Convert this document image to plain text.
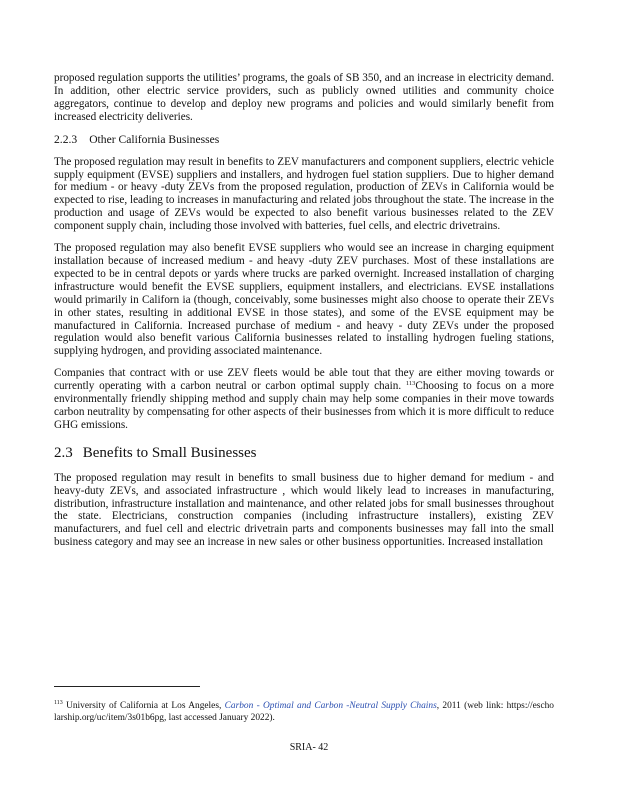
proposed regulation supports the utilities’ programs, the goals of SB 350, and an increase in electricity demand. In addition, other electric service providers, such as publicly owned utilities and community choice aggregators, continue to develop and deploy new programs and policies and would similarly benefit from increased electricity deliveries.

2.2.3 Other California Businesses

The proposed regulation may result in benefits to ZEV manufacturers and component suppliers, electric vehicle supply equipment (EVSE) suppliers and installers, and hydrogen fuel station suppliers. Due to higher demand for medium - or heavy -duty ZEVs from the proposed regulation, production of ZEVs in California would be expected to rise, leading to increases in manufacturing and related jobs throughout the state. The increase in the production and usage of ZEVs would be expected to also benefit various businesses related to the ZEV component supply chain, including those involved with batteries, fuel cells, and electric drivetrains.

The proposed regulation may also benefit EVSE suppliers who would see an increase in charging equipment installation because of increased medium - and heavy -duty ZEV purchases. Most of these installations are expected to be in central depots or yards where trucks are parked overnight. Increased installation of charging infrastructure would benefit the EVSE suppliers, equipment installers, and electricians. EVSE installations would primarily in Californ ia (though, conceivably, some businesses might also choose to operate their ZEVs in other states, resulting in additional EVSE in those states), and some of the EVSE equipment may be manufactured in California. Increased purchase of medium - and heavy - duty ZEVs under the proposed regulation would also benefit various California businesses related to installing hydrogen fueling stations, supplying hydrogen, and providing associated maintenance.

Companies that contract with or use ZEV fleets would be able tout that they are either moving towards or currently operating with a carbon neutral or carbon optimal supply chain. $^{113}$Choosing to focus on a more environmentally friendly shipping method and supply chain may help some companies in their move towards carbon neutrality by compensating for other aspects of their businesses from which it is more difficult to reduce GHG emissions.

2.3 Benefits to Small Businesses

The proposed regulation may result in benefits to small business due to higher demand for medium - and heavy-duty ZEVs, and associated infrastructure , which would likely lead to increases in manufacturing, distribution, infrastructure installation and maintenance, and other related jobs for small businesses throughout the state. Electricians, construction companies (including infrastructure installers), existing ZEV manufacturers, and fuel cell and electric drivetrain parts and components businesses may fall into the small business category and may see an increase in new sales or other business opportunities. Increased installation

$^{113}$ University of California at Los Angeles, Carbon - Optimal and Carbon -Neutral Supply Chains, 2011 (web link: https://escho larship.org/uc/item/3s01b6pg, last accessed January 2022).
SRIA- 42
